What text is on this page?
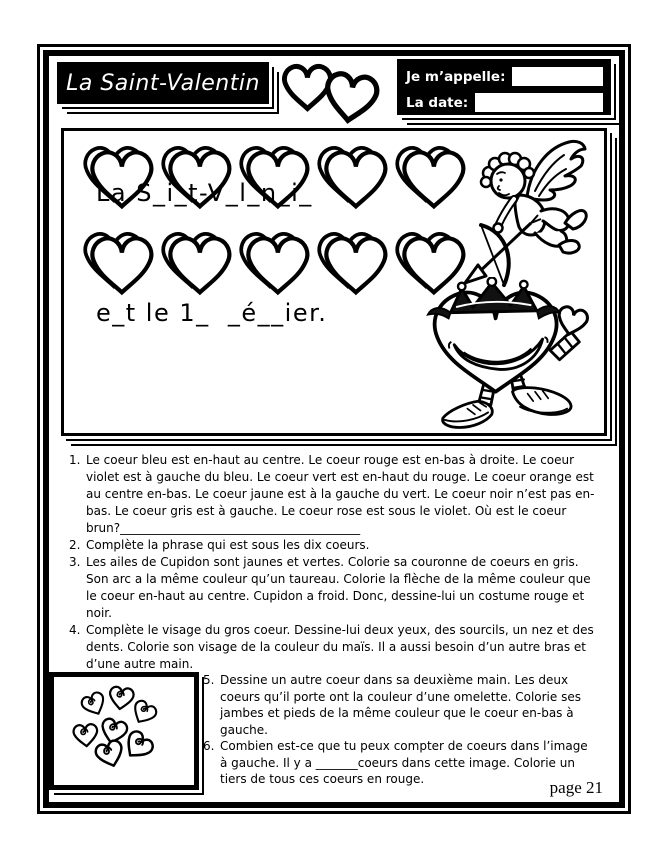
La Saint-Valentin	Je m’appelle:
La date:

La S_i_t-V_l_n_i_

e_t le 1_  _é__ier.

1. Le coeur bleu est en-haut au centre. Le coeur rouge est en-bas à droite. Le coeur violet est à gauche du bleu. Le coeur vert est en-haut du rouge. Le coeur orange est au centre en-bas. Le coeur jaune est à la gauche du vert. Le coeur noir n’est pas en-bas. Le coeur gris est à gauche. Le coeur rose est sous le violet. Où est le coeur brun?________________________________________
2. Complète la phrase qui est sous les dix coeurs.
3. Les ailes de Cupidon sont jaunes et vertes. Colorie sa couronne de coeurs en gris. Son arc a la même couleur qu’un taureau. Colorie la flèche de la même couleur que le coeur en-haut au centre. Cupidon a froid. Donc, dessine-lui un costume rouge et noir.
4. Complète le visage du gros coeur. Dessine-lui deux yeux, des sourcils, un nez et des dents. Colorie son visage de la couleur du maïs. Il a aussi besoin d’un autre bras et d’une autre main.
5. Dessine un autre coeur dans sa deuxième main. Les deux coeurs qu’il porte ont la couleur d’une omelette. Colorie ses jambes et pieds de la même couleur que le coeur en-bas à gauche.
6. Combien est-ce que tu peux compter de coeurs dans l’image à gauche. Il y a _______coeurs dans cette image. Colorie un tiers de tous ces coeurs en rouge.	page 21
